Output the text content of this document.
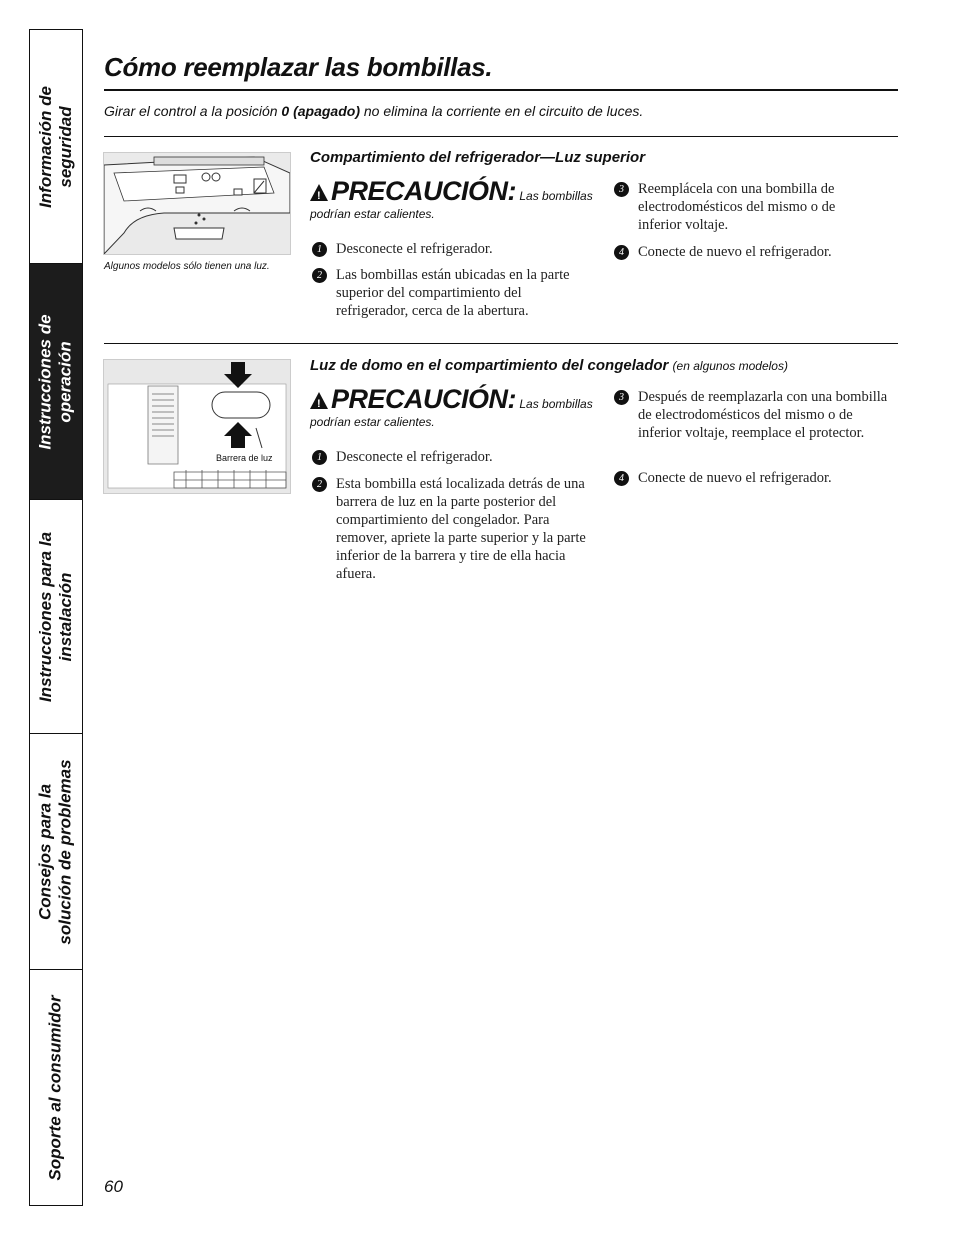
Información de seguridad
Instrucciones de operación
Instrucciones para la instalación
Consejos para la solución de problemas
Soporte al consumidor
Cómo reemplazar las bombillas.
Girar el control a la posición 0 (apagado) no elimina la corriente en el circuito de luces.
Algunos modelos sólo tienen una luz.
Compartimiento del refrigerador—Luz superior
!PRECAUCIÓN: Las bombillas
podrían estar calientes.
1 Desconecte el refrigerador.
2 Las bombillas están ubicadas en la parte superior del compartimiento del refrigerador, cerca de la abertura.
3 Reemplácela con una bombilla de electrodomésticos del mismo o de inferior voltaje.
4 Conecte de nuevo el refrigerador.
Barrera de luz
Luz de domo en el compartimiento del congelador (en algunos modelos)
!PRECAUCIÓN: Las bombillas
podrían estar calientes.
1 Desconecte el refrigerador.
2 Esta bombilla está localizada detrás de una barrera de luz en la parte posterior del compartimiento del congelador. Para remover, apriete la parte superior y la parte inferior de la barrera y tire de ella hacia afuera.
3 Después de reemplazarla con una bombilla de electrodomésticos del mismo o de inferior voltaje, reemplace el protector.
4 Conecte de nuevo el refrigerador.
60
